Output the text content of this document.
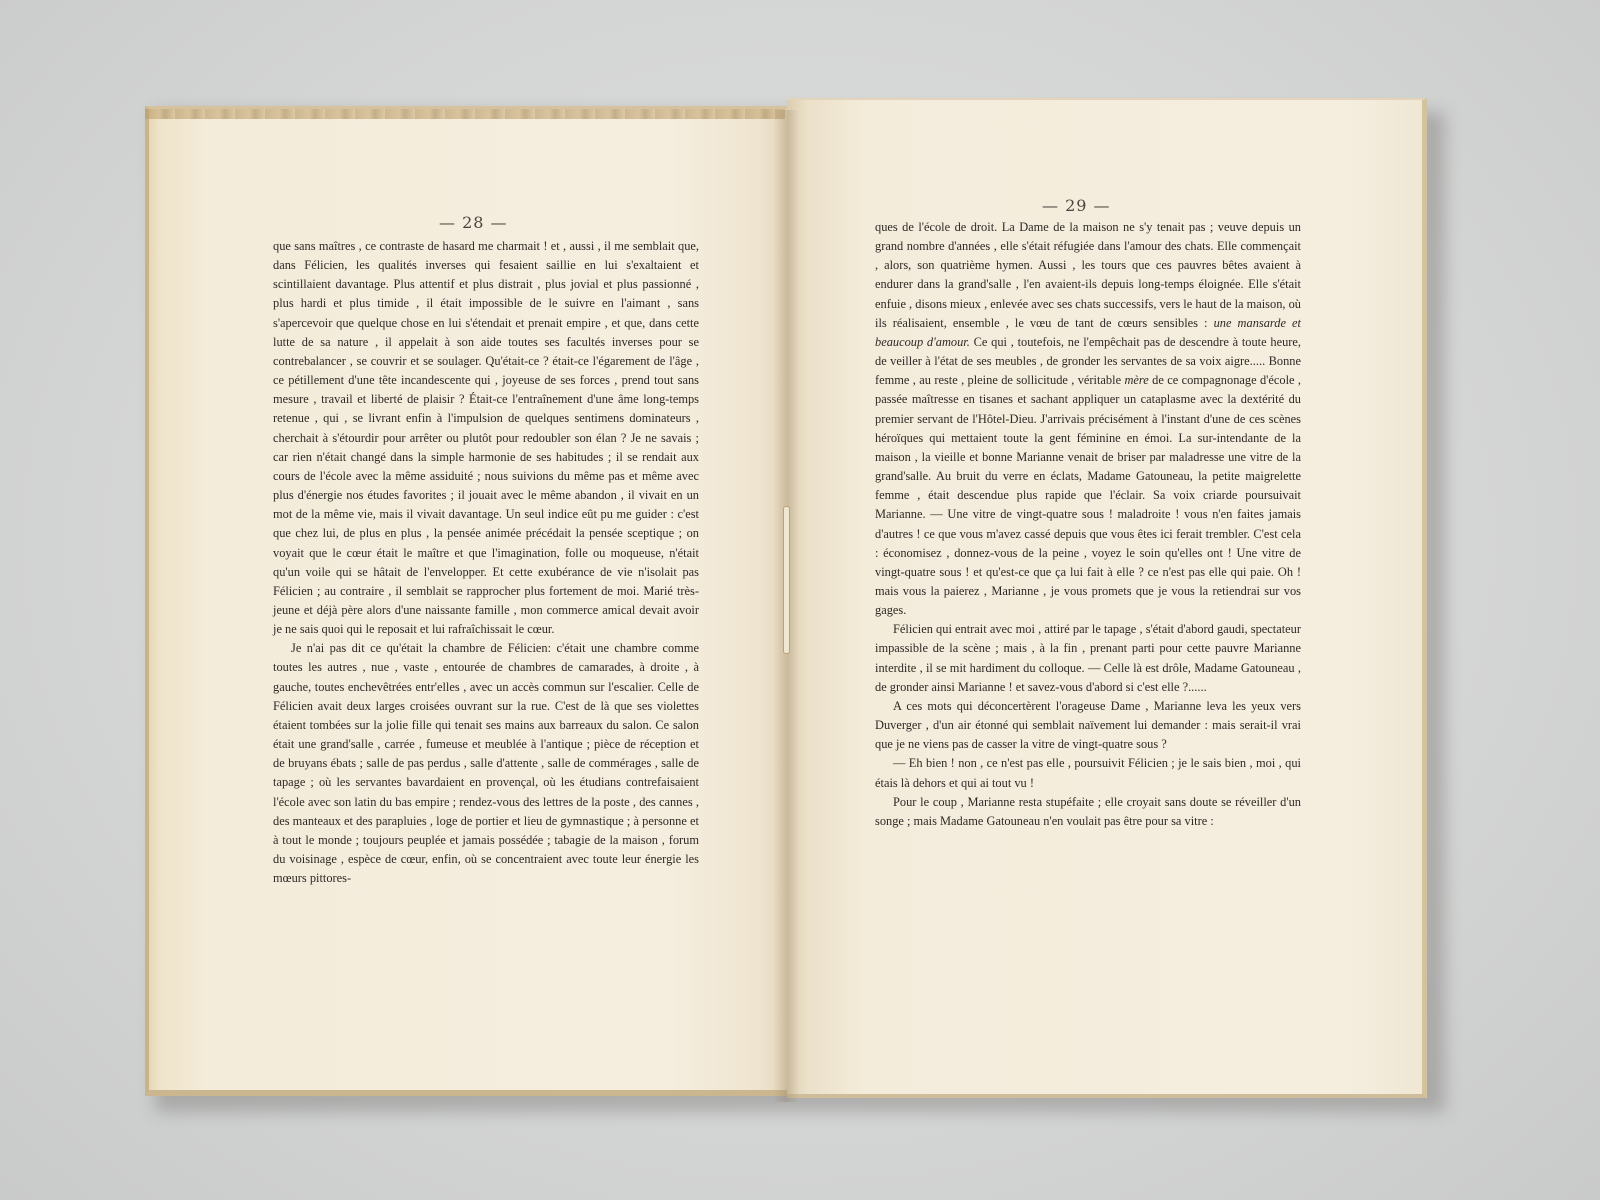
— 28 —

que sans maîtres , ce contraste de hasard me charmait ! et , aussi , il me semblait que, dans Félicien, les qualités inverses qui fesaient saillie en lui s'exaltaient et scintillaient davantage. Plus attentif et plus distrait , plus jovial et plus passionné , plus hardi et plus timide , il était impossible de le suivre en l'aimant , sans s'apercevoir que quelque chose en lui s'étendait et prenait empire , et que, dans cette lutte de sa nature , il appelait à son aide toutes ses facultés inverses pour se contrebalancer , se couvrir et se soulager. Qu'était-ce ? était-ce l'égarement de l'âge , ce pétillement d'une tête incandescente qui , joyeuse de ses forces , prend tout sans mesure , travail et liberté de plaisir ? Était-ce l'entraînement d'une âme long-temps retenue , qui , se livrant enfin à l'impulsion de quelques sentimens dominateurs , cherchait à s'étourdir pour arrêter ou plutôt pour redoubler son élan ? Je ne savais ; car rien n'était changé dans la simple harmonie de ses habitudes ; il se rendait aux cours de l'école avec la même assiduité ; nous suivions du même pas et même avec plus d'énergie nos études favorites ; il jouait avec le même abandon , il vivait en un mot de la même vie, mais il vivait davantage. Un seul indice eût pu me guider : c'est que chez lui, de plus en plus , la pensée animée précédait la pensée sceptique ; on voyait que le cœur était le maître et que l'imagination, folle ou moqueuse, n'était qu'un voile qui se hâtait de l'envelopper. Et cette exubérance de vie n'isolait pas Félicien ; au contraire , il semblait se rapprocher plus fortement de moi. Marié très-jeune et déjà père alors d'une naissante famille , mon commerce amical devait avoir je ne sais quoi qui le reposait et lui rafraîchissait le cœur.

Je n'ai pas dit ce qu'était la chambre de Félicien: c'était une chambre comme toutes les autres , nue , vaste , entourée de chambres de camarades, à droite , à gauche, toutes enchevêtrées entr'elles , avec un accès commun sur l'escalier. Celle de Félicien avait deux larges croisées ouvrant sur la rue. C'est de là que ses violettes étaient tombées sur la jolie fille qui tenait ses mains aux barreaux du salon. Ce salon était une grand'salle , carrée , fumeuse et meublée à l'antique ; pièce de réception et de bruyans ébats ; salle de pas perdus , salle d'attente , salle de commérages , salle de tapage ; où les servantes bavardaient en provençal, où les étudians contrefaisaient l'école avec son latin du bas empire ; rendez-vous des lettres de la poste , des cannes , des manteaux et des parapluies , loge de portier et lieu de gymnastique ; à personne et à tout le monde ; toujours peuplée et jamais possédée ; tabagie de la maison , forum du voisinage , espèce de cœur, enfin, où se concentraient avec toute leur énergie les mœurs pittores-

— 29 —

ques de l'école de droit. La Dame de la maison ne s'y tenait pas ; veuve depuis un grand nombre d'années , elle s'était réfugiée dans l'amour des chats. Elle commençait , alors, son quatrième hymen. Aussi , les tours que ces pauvres bêtes avaient à endurer dans la grand'salle , l'en avaient-ils depuis long-temps éloignée. Elle s'était enfuie , disons mieux , enlevée avec ses chats successifs, vers le haut de la maison, où ils réalisaient, ensemble , le vœu de tant de cœurs sensibles : une mansarde et beaucoup d'amour. Ce qui , toutefois, ne l'empêchait pas de descendre à toute heure, de veiller à l'état de ses meubles , de gronder les servantes de sa voix aigre..... Bonne femme , au reste , pleine de sollicitude , véritable mère de ce compagnonage d'école , passée maîtresse en tisanes et sachant appliquer un cataplasme avec la dextérité du premier servant de l'Hôtel-Dieu. J'arrivais précisément à l'instant d'une de ces scènes héroïques qui mettaient toute la gent féminine en émoi. La sur-intendante de la maison , la vieille et bonne Marianne venait de briser par maladresse une vitre de la grand'salle. Au bruit du verre en éclats, Madame Gatouneau, la petite maigrelette femme , était descendue plus rapide que l'éclair. Sa voix criarde poursuivait Marianne. — Une vitre de vingt-quatre sous ! maladroite ! vous n'en faites jamais d'autres ! ce que vous m'avez cassé depuis que vous êtes ici ferait trembler. C'est cela : économisez , donnez-vous de la peine , voyez le soin qu'elles ont ! Une vitre de vingt-quatre sous ! et qu'est-ce que ça lui fait à elle ? ce n'est pas elle qui paie. Oh ! mais vous la paierez , Marianne , je vous promets que je vous la retiendrai sur vos gages.

Félicien qui entrait avec moi , attiré par le tapage , s'était d'abord gaudi, spectateur impassible de la scène ; mais , à la fin , prenant parti pour cette pauvre Marianne interdite , il se mit hardiment du colloque. — Celle là est drôle, Madame Gatouneau , de gronder ainsi Marianne ! et savez-vous d'abord si c'est elle ?......

A ces mots qui déconcertèrent l'orageuse Dame , Marianne leva les yeux vers Duverger , d'un air étonné qui semblait naïvement lui demander : mais serait-il vrai que je ne viens pas de casser la vitre de vingt-quatre sous ?

— Eh bien ! non , ce n'est pas elle , poursuivit Félicien ; je le sais bien , moi , qui étais là dehors et qui ai tout vu !

Pour le coup , Marianne resta stupéfaite ; elle croyait sans doute se réveiller d'un songe ; mais Madame Gatouneau n'en voulait pas être pour sa vitre :
